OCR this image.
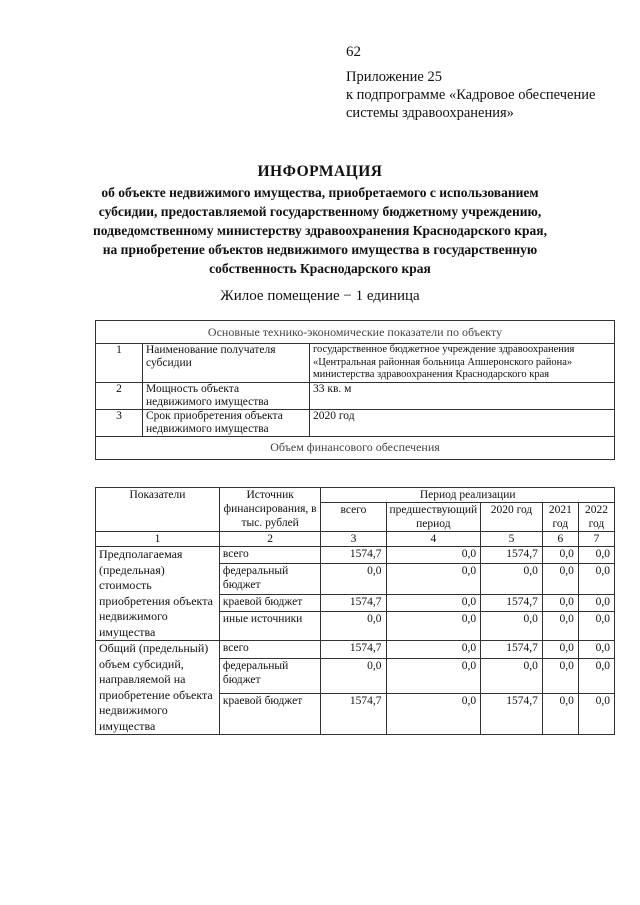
62
Приложение 25
к подпрограмме «Кадровое обеспечение
системы здравоохранения»
ИНФОРМАЦИЯ
об объекте недвижимого имущества, приобретаемого с использованием
субсидии, предоставляемой государственному бюджетному учреждению,
подведомственному министерству здравоохранения Краснодарского края,
на приобретение объектов недвижимого имущества в государственную
собственность Краснодарского края
Жилое помещение − 1 единица
Основные технико-экономические показатели по объекту		
1	Наименование получателя субсидии	государственное бюджетное учреждение здравоохранения «Центральная районная больница Апшеронского района» министерства здравоохранения Краснодарского края
2	Мощность объекта недвижимого имущества	33 кв. м
3	Срок приобретения объекта недвижимого имущества	2020 год
Объем финансового обеспечения		
Показатели	Источник финансирования, в тыс. рублей	Период реализации				
		всего	предшествующий период	2020 год	2021 год	2022 год
1	2	3	4	5	6	7
Предполагаемая (предельная) стоимость приобретения объекта недвижимого имущества	всего	1574,7	0,0	1574,7	0,0	0,0
	федеральный бюджет	0,0	0,0	0,0	0,0	0,0
	краевой бюджет	1574,7	0,0	1574,7	0,0	0,0
	иные источники	0,0	0,0	0,0	0,0	0,0
Общий (предельный) объем субсидий, направляемой на приобретение объекта недвижимого имущества	всего	1574,7	0,0	1574,7	0,0	0,0
	федеральный бюджет	0,0	0,0	0,0	0,0	0,0
	краевой бюджет	1574,7	0,0	1574,7	0,0	0,0
